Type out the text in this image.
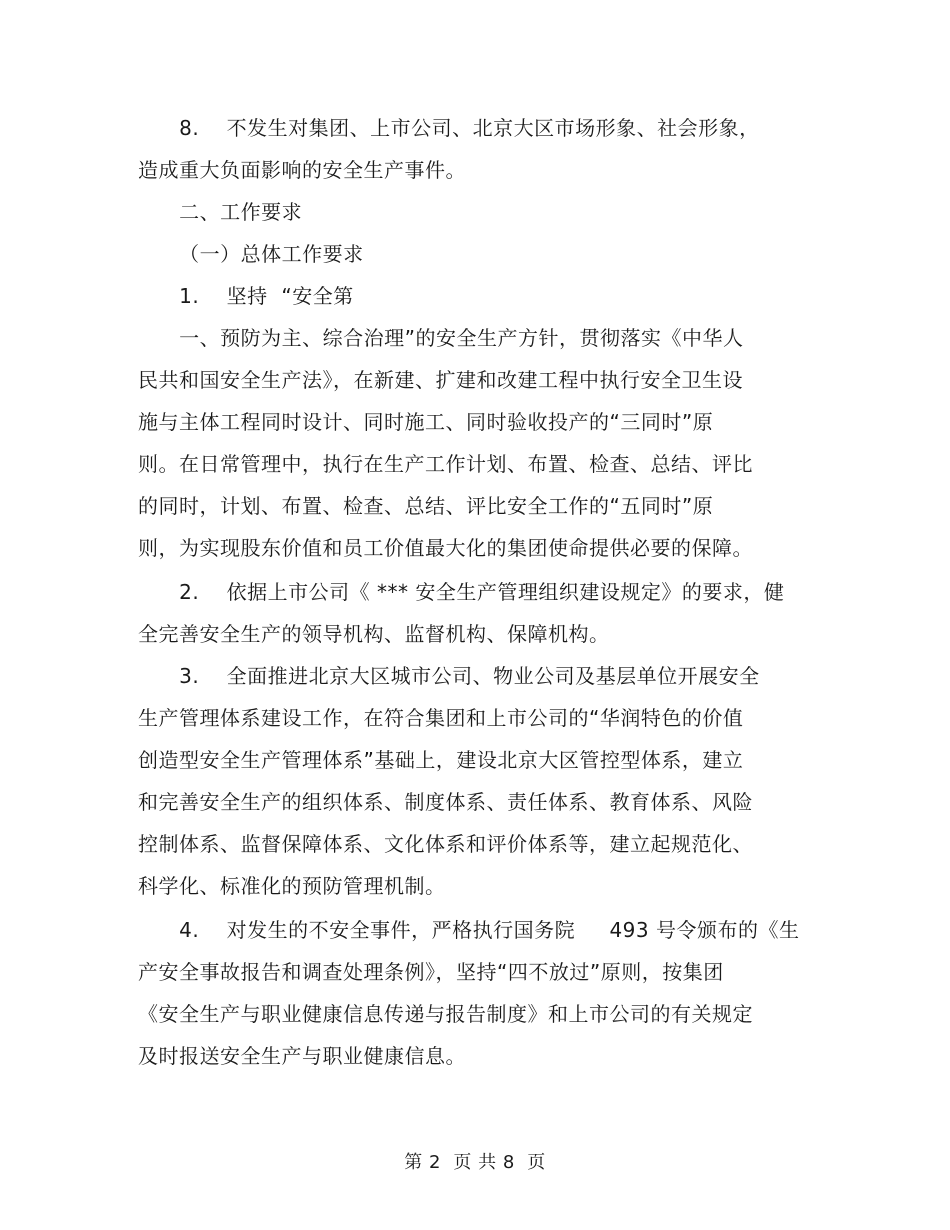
8.    不发生对集团、上市公司、北京大区市场形象、社会形象，
造成重大负面影响的安全生产事件。
二、工作要求
（一）总体工作要求
1.    坚持  “安全第
一、预防为主、综合治理”的安全生产方针，贯彻落实《中华人
民共和国安全生产法》，在新建、扩建和改建工程中执行安全卫生设
施与主体工程同时设计、同时施工、同时验收投产的“三同时”原
则。在日常管理中，执行在生产工作计划、布置、检查、总结、评比
的同时，计划、布置、检查、总结、评比安全工作的“五同时”原
则，为实现股东价值和员工价值最大化的集团使命提供必要的保障。
2.    依据上市公司《 *** 安全生产管理组织建设规定》的要求，健
全完善安全生产的领导机构、监督机构、保障机构。
3.    全面推进北京大区城市公司、物业公司及基层单位开展安全
生产管理体系建设工作，在符合集团和上市公司的“华润特色的价值
创造型安全生产管理体系”基础上，建设北京大区管控型体系，建立
和完善安全生产的组织体系、制度体系、责任体系、教育体系、风险
控制体系、监督保障体系、文化体系和评价体系等，建立起规范化、
科学化、标准化的预防管理机制。
4.    对发生的不安全事件，严格执行国务院     493 号令颁布的《生
产安全事故报告和调查处理条例》，坚持“四不放过”原则，按集团
《安全生产与职业健康信息传递与报告制度》和上市公司的有关规定
及时报送安全生产与职业健康信息。
第 2  页 共 8  页
